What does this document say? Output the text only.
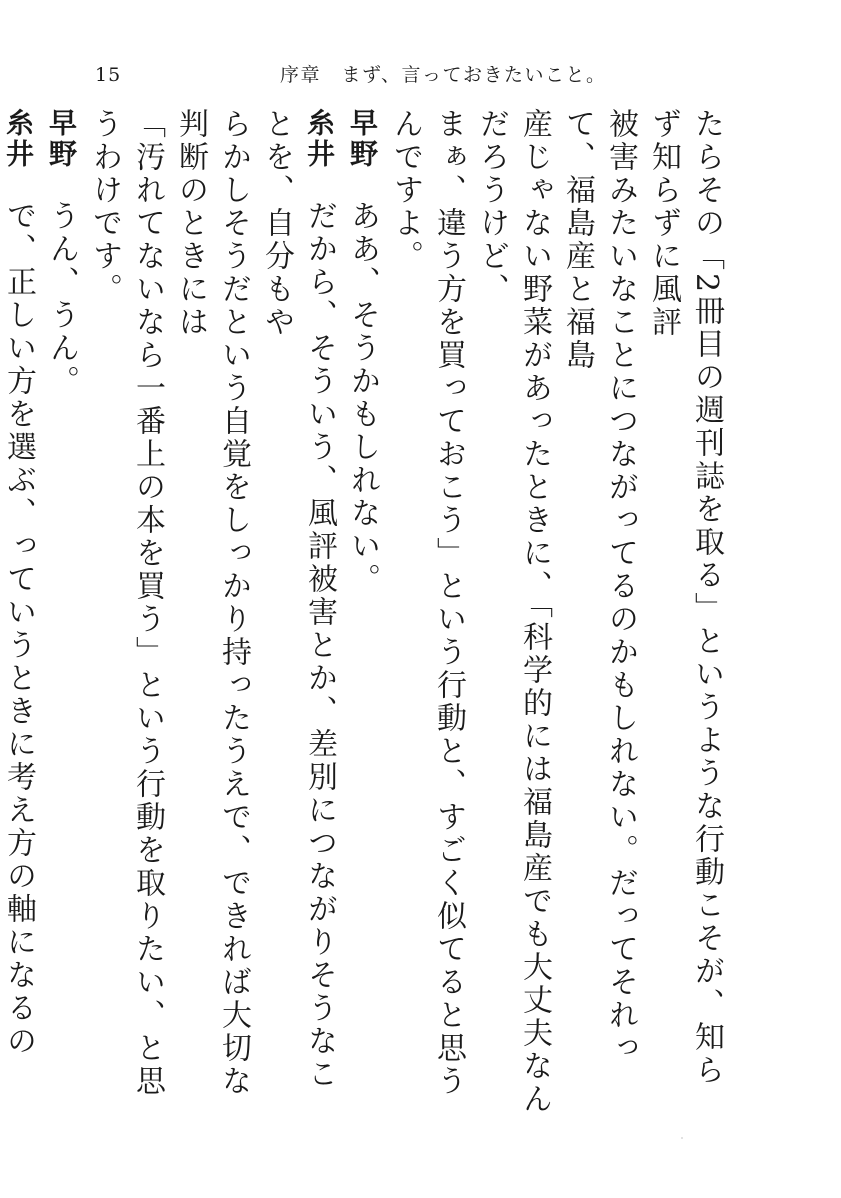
15	序章　まず、言っておきたいこと。
たらその「2冊目の週刊誌を取る」というような行動こそが、知らず知らずに風評
被害みたいなことにつながってるのかもしれない。だってそれって、福島産と福島
産じゃない野菜があったときに、「科学的には福島産でも大丈夫なんだろうけど、
まぁ、違う方を買っておこう」という行動と、すごく似てると思うんですよ。
早野ああ、そうかもしれない。
糸井だから、そういう、風評被害とか、差別につながりそうなことを、自分もや
らかしそうだという自覚をしっかり持ったうえで、できれば大切な判断のときには
「汚れてないなら一番上の本を買う」という行動を取りたい、と思うわけです。
早野うん、うん。
糸井で、正しい方を選ぶ、っていうときに考え方の軸になるの
